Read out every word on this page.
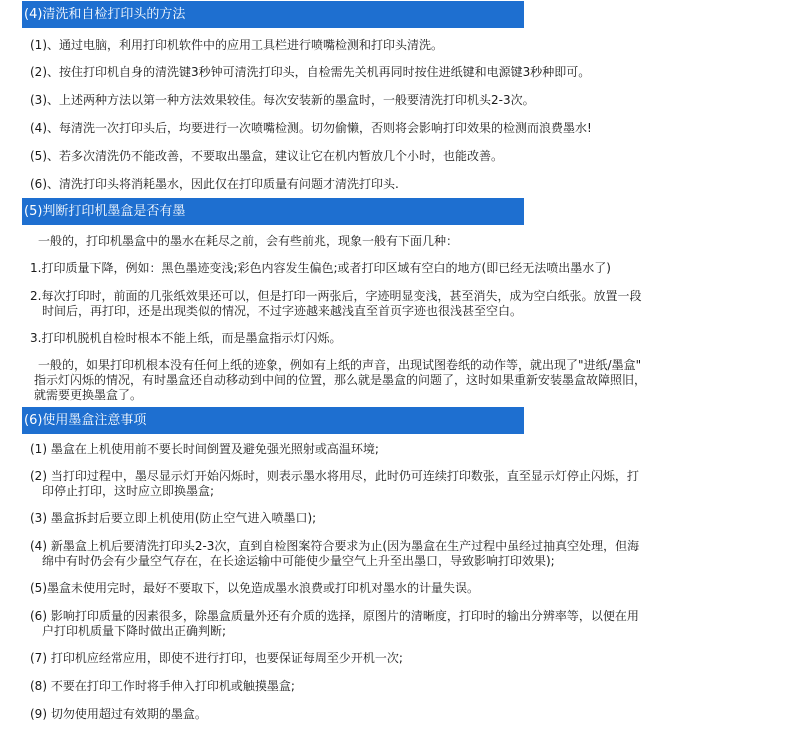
(4)清洗和自检打印头的方法
(1)、通过电脑，利用打印机软件中的应用工具栏进行喷嘴检测和打印头清洗。
(2)、按住打印机自身的清洗键3秒钟可清洗打印头，自检需先关机再同时按住进纸键和电源键3秒种即可。
(3)、上述两种方法以第一种方法效果较佳。每次安装新的墨盒时，一般要清洗打印机头2-3次。
(4)、每清洗一次打印头后，均要进行一次喷嘴检测。切勿偷懒，否则将会影响打印效果的检测而浪费墨水!
(5)、若多次清洗仍不能改善，不要取出墨盒，建议让它在机内暂放几个小时，也能改善。
(6)、清洗打印头将消耗墨水，因此仅在打印质量有问题才清洗打印头.
(5)判断打印机墨盒是否有墨
一般的，打印机墨盒中的墨水在耗尽之前，会有些前兆，现象一般有下面几种：
1.打印质量下降，例如：黑色墨迹变浅;彩色内容发生偏色;或者打印区域有空白的地方(即已经无法喷出墨水了)
2.每次打印时，前面的几张纸效果还可以，但是打印一两张后，字迹明显变浅，甚至消失，成为空白纸张。放置一段
时间后，再打印，还是出现类似的情况，不过字迹越来越浅直至首页字迹也很浅甚至空白。
3.打印机脱机自检时根本不能上纸，而是墨盒指示灯闪烁。
一般的，如果打印机根本没有任何上纸的迹象，例如有上纸的声音，出现试图卷纸的动作等，就出现了"进纸/墨盒"
指示灯闪烁的情况，有时墨盒还自动移动到中间的位置，那么就是墨盒的问题了，这时如果重新安装墨盒故障照旧，
就需要更换墨盒了。
(6)使用墨盒注意事项
(1) 墨盒在上机使用前不要长时间倒置及避免强光照射或高温环境;
(2) 当打印过程中，墨尽显示灯开始闪烁时，则表示墨水将用尽，此时仍可连续打印数张，直至显示灯停止闪烁，打
印停止打印，这时应立即换墨盒;
(3) 墨盒拆封后要立即上机使用(防止空气进入喷墨口);
(4) 新墨盒上机后要清洗打印头2-3次，直到自检图案符合要求为止(因为墨盒在生产过程中虽经过抽真空处理，但海
绵中有时仍会有少量空气存在，在长途运输中可能使少量空气上升至出墨口，导致影响打印效果);
(5)墨盒未使用完时，最好不要取下，以免造成墨水浪费或打印机对墨水的计量失误。
(6) 影响打印质量的因素很多，除墨盒质量外还有介质的选择，原图片的清晰度，打印时的输出分辨率等，以便在用
户打印机质量下降时做出正确判断;
(7) 打印机应经常应用，即使不进行打印，也要保证每周至少开机一次;
(8) 不要在打印工作时将手伸入打印机或触摸墨盒;
(9) 切勿使用超过有效期的墨盒。
